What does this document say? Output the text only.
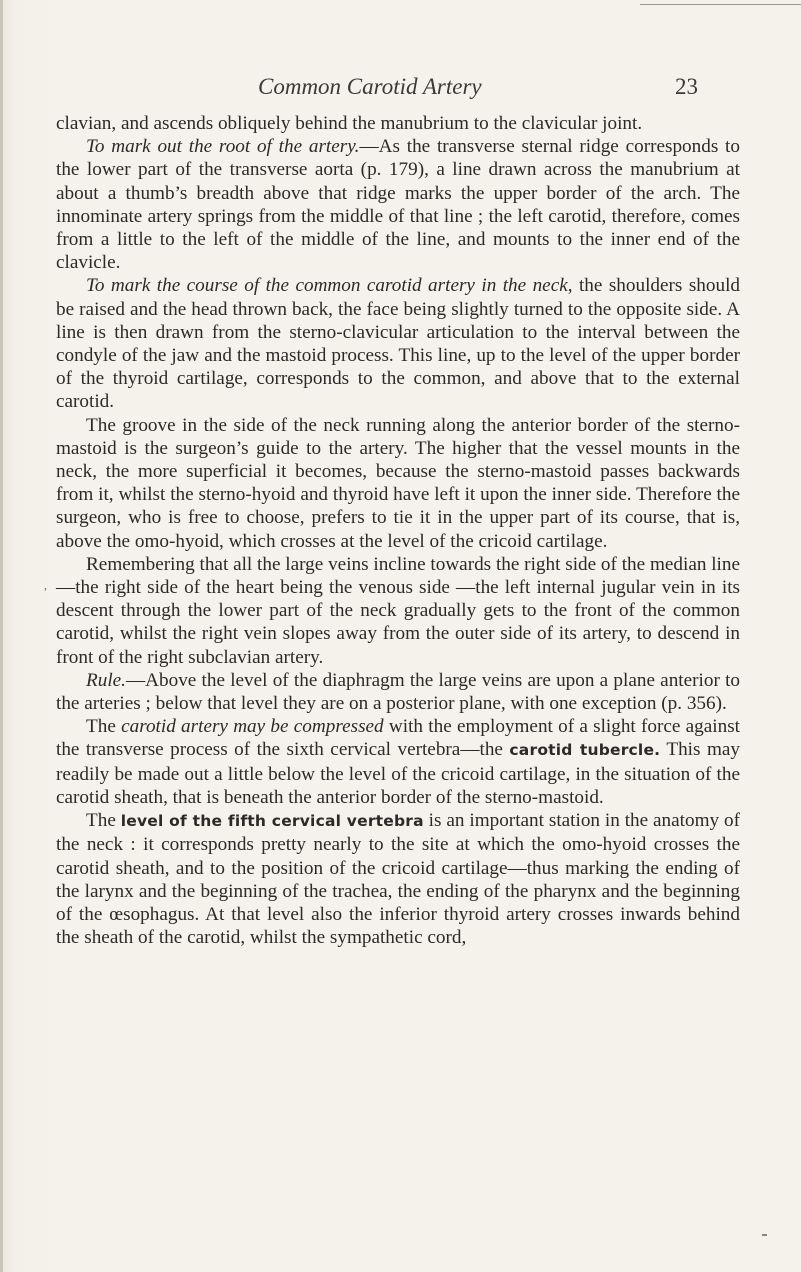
Common Carotid Artery	23
,

clavian, and ascends obliquely behind the manubrium to the clavicular joint.

To mark out the root of the artery.—As the transverse sternal ridge corresponds to the lower part of the transverse aorta (p. 179), a line drawn across the manubrium at about a thumb’s breadth above that ridge marks the upper border of the arch. The innominate artery springs from the middle of that line ; the left carotid, therefore, comes from a little to the left of the middle of the line, and mounts to the inner end of the clavicle.

To mark the course of the common carotid artery in the neck, the shoulders should be raised and the head thrown back, the face being slightly turned to the opposite side. A line is then drawn from the sterno-clavicular articulation to the interval between the condyle of the jaw and the mastoid process. This line, up to the level of the upper border of the thyroid cartilage, corresponds to the common, and above that to the external carotid.

The groove in the side of the neck running along the anterior border of the sterno-mastoid is the surgeon’s guide to the artery. The higher that the vessel mounts in the neck, the more superficial it becomes, because the sterno-mastoid passes backwards from it, whilst the sterno-hyoid and thyroid have left it upon the inner side. Therefore the surgeon, who is free to choose, prefers to tie it in the upper part of its course, that is, above the omo-hyoid, which crosses at the level of the cricoid cartilage.

Remembering that all the large veins incline towards the right side of the median line—the right side of the heart being the venous side —the left internal jugular vein in its descent through the lower part of the neck gradually gets to the front of the common carotid, whilst the right vein slopes away from the outer side of its artery, to descend in front of the right subclavian artery.

Rule.—Above the level of the diaphragm the large veins are upon a plane anterior to the arteries ; below that level they are on a posterior plane, with one exception (p. 356).

The carotid artery may be compressed with the employment of a slight force against the transverse process of the sixth cervical vertebra—the carotid tubercle. This may readily be made out a little below the level of the cricoid cartilage, in the situation of the carotid sheath, that is beneath the anterior border of the sterno-mastoid.

The level of the fifth cervical vertebra is an important station in the anatomy of the neck : it corresponds pretty nearly to the site at which the omo-hyoid crosses the carotid sheath, and to the position of the cricoid cartilage—thus marking the ending of the larynx and the beginning of the trachea, the ending of the pharynx and the beginning of the œsophagus. At that level also the inferior thyroid artery crosses inwards behind the sheath of the carotid, whilst the sympathetic cord,
